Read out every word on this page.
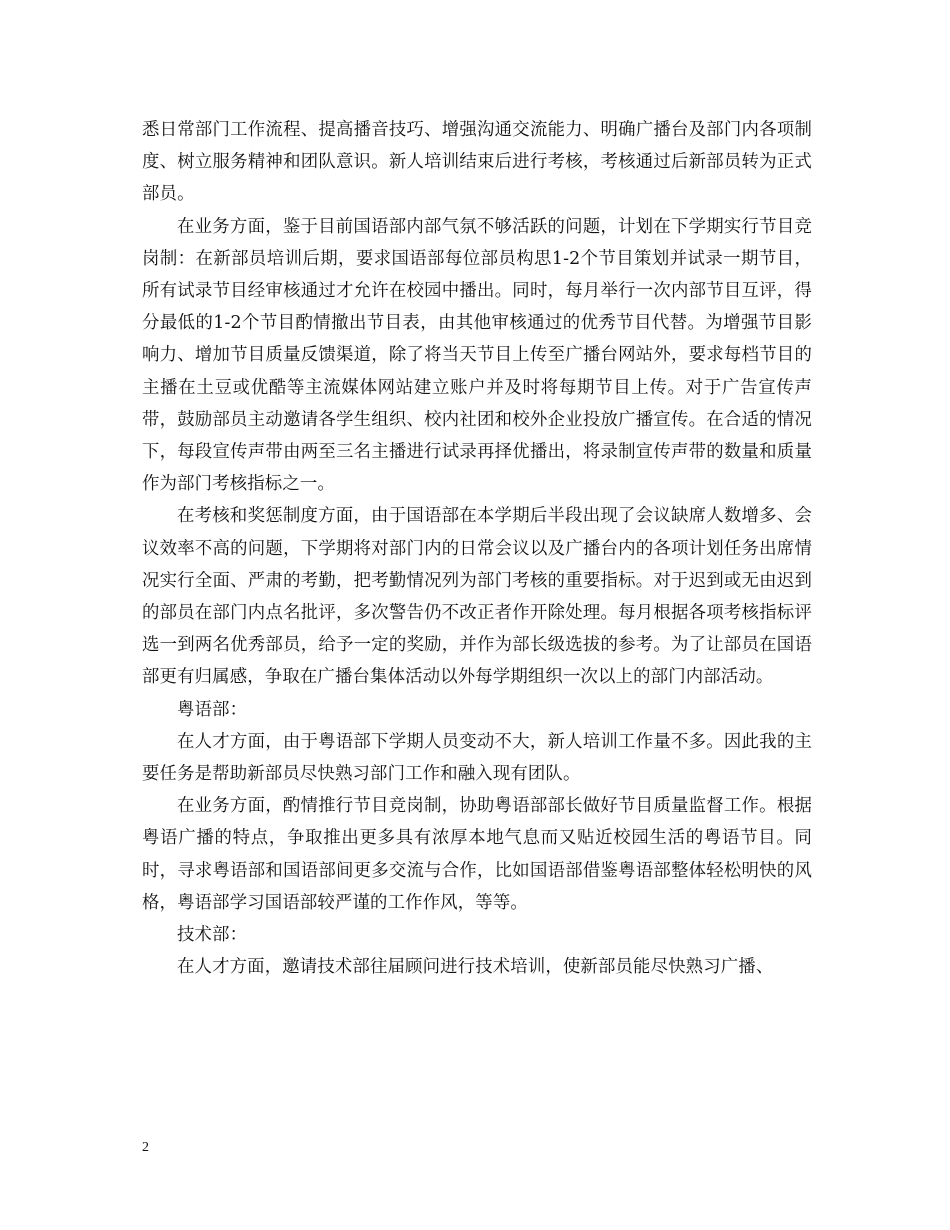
悉日常部门工作流程、提高播音技巧、增强沟通交流能力、明确广播台及部门内各项制度、树立服务精神和团队意识。新人培训结束后进行考核，考核通过后新部员转为正式部员。

在业务方面，鉴于目前国语部内部气氛不够活跃的问题，计划在下学期实行节目竞岗制：在新部员培训后期，要求国语部每位部员构思1-2个节目策划并试录一期节目，所有试录节目经审核通过才允许在校园中播出。同时，每月举行一次内部节目互评，得分最低的1-2个节目酌情撤出节目表，由其他审核通过的优秀节目代替。为增强节目影响力、增加节目质量反馈渠道，除了将当天节目上传至广播台网站外，要求每档节目的主播在土豆或优酷等主流媒体网站建立账户并及时将每期节目上传。对于广告宣传声带，鼓励部员主动邀请各学生组织、校内社团和校外企业投放广播宣传。在合适的情况下，每段宣传声带由两至三名主播进行试录再择优播出，将录制宣传声带的数量和质量作为部门考核指标之一。

在考核和奖惩制度方面，由于国语部在本学期后半段出现了会议缺席人数增多、会议效率不高的问题，下学期将对部门内的日常会议以及广播台内的各项计划任务出席情况实行全面、严肃的考勤，把考勤情况列为部门考核的重要指标。对于迟到或无由迟到的部员在部门内点名批评，多次警告仍不改正者作开除处理。每月根据各项考核指标评选一到两名优秀部员，给予一定的奖励，并作为部长级选拔的参考。为了让部员在国语部更有归属感，争取在广播台集体活动以外每学期组织一次以上的部门内部活动。

粤语部：

在人才方面，由于粤语部下学期人员变动不大，新人培训工作量不多。因此我的主要任务是帮助新部员尽快熟习部门工作和融入现有团队。

在业务方面，酌情推行节目竞岗制，协助粤语部部长做好节目质量监督工作。根据粤语广播的特点，争取推出更多具有浓厚本地气息而又贴近校园生活的粤语节目。同时，寻求粤语部和国语部间更多交流与合作，比如国语部借鉴粤语部整体轻松明快的风格，粤语部学习国语部较严谨的工作作风，等等。

技术部：

在人才方面，邀请技术部往届顾问进行技术培训，使新部员能尽快熟习广播、

2
